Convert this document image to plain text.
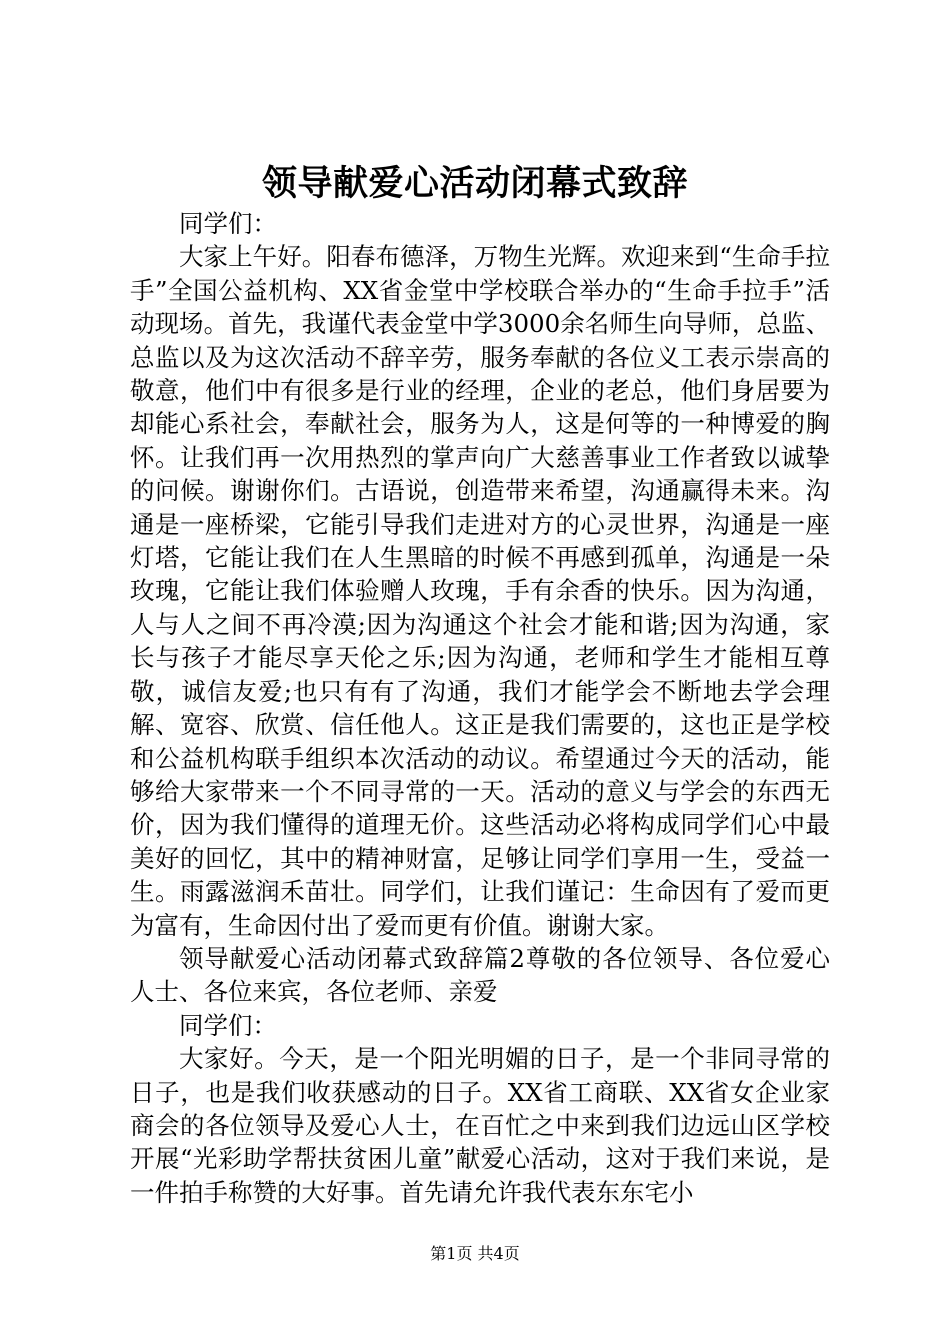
领导献爱心活动闭幕式致辞

同学们：

大家上午好。阳春布德泽，万物生光辉。欢迎来到“生命手拉手”全国公益机构、XX省金堂中学校联合举办的“生命手拉手”活动现场。首先，我谨代表金堂中学3000余名师生向导师，总监、总监以及为这次活动不辞辛劳，服务奉献的各位义工表示崇高的敬意，他们中有很多是行业的经理，企业的老总，他们身居要为却能心系社会，奉献社会，服务为人，这是何等的一种博爱的胸怀。让我们再一次用热烈的掌声向广大慈善事业工作者致以诚挚的问候。谢谢你们。古语说，创造带来希望，沟通赢得未来。沟通是一座桥梁，它能引导我们走进对方的心灵世界，沟通是一座灯塔，它能让我们在人生黑暗的时候不再感到孤单，沟通是一朵玫瑰，它能让我们体验赠人玫瑰，手有余香的快乐。因为沟通，人与人之间不再冷漠;因为沟通这个社会才能和谐;因为沟通，家长与孩子才能尽享天伦之乐;因为沟通，老师和学生才能相互尊敬，诚信友爱;也只有有了沟通，我们才能学会不断地去学会理解、宽容、欣赏、信任他人。这正是我们需要的，这也正是学校和公益机构联手组织本次活动的动议。希望通过今天的活动，能够给大家带来一个不同寻常的一天。活动的意义与学会的东西无价，因为我们懂得的道理无价。这些活动必将构成同学们心中最美好的回忆，其中的精神财富，足够让同学们享用一生，受益一生。雨露滋润禾苗壮。同学们，让我们谨记：生命因有了爱而更为富有，生命因付出了爱而更有价值。谢谢大家。

领导献爱心活动闭幕式致辞篇2尊敬的各位领导、各位爱心人士、各位来宾，各位老师、亲爱

同学们：

大家好。今天，是一个阳光明媚的日子，是一个非同寻常的日子，也是我们收获感动的日子。XX省工商联、XX省女企业家商会的各位领导及爱心人士，在百忙之中来到我们边远山区学校开展“光彩助学帮扶贫困儿童”献爱心活动，这对于我们来说，是一件拍手称赞的大好事。首先请允许我代表东东宅小

第1页 共4页
